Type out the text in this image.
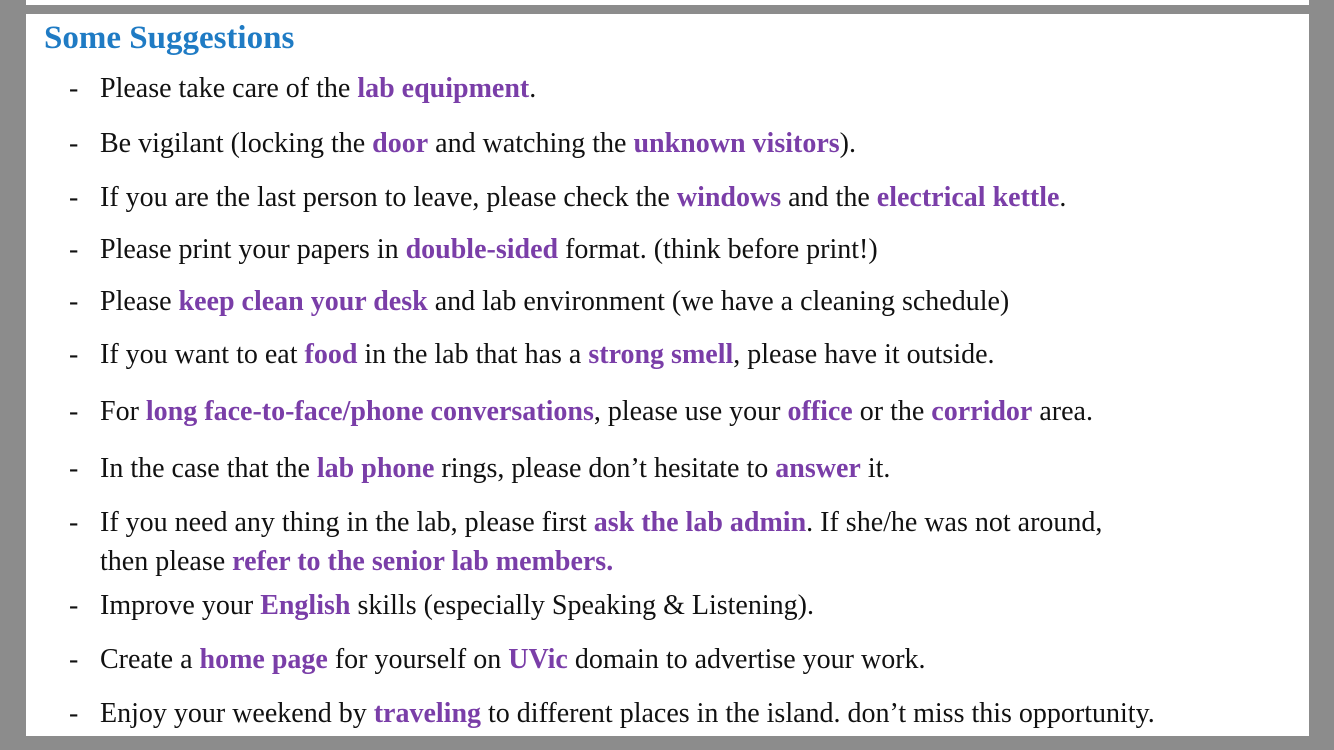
Some Suggestions
- Please take care of the lab equipment.
- Be vigilant (locking the door and watching the unknown visitors).
- If you are the last person to leave, please check the windows and the electrical kettle.
- Please print your papers in double-sided format. (think before print!)
- Please keep clean your desk and lab environment (we have a cleaning schedule)
- If you want to eat food in the lab that has a strong smell, please have it outside.
- For long face-to-face/phone conversations, please use your office or the corridor area.
- In the case that the lab phone rings, please don’t hesitate to answer it.
- If you need any thing in the lab, please first ask the lab admin. If she/he was not around,
then please refer to the senior lab members.
- Improve your English skills (especially Speaking & Listening).
- Create a home page for yourself on UVic domain to advertise your work.
- Enjoy your weekend by traveling to different places in the island. don’t miss this opportunity.
